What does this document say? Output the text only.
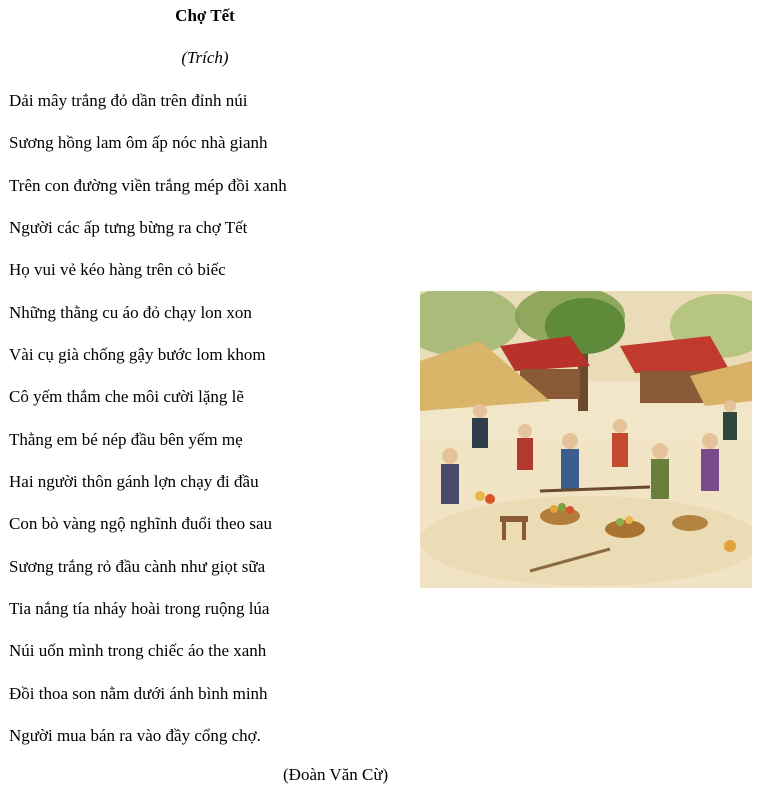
Chợ Tết
(Trích)
Dải mây trắng đỏ dần trên đỉnh núi
Sương hồng lam ôm ấp nóc nhà gianh
Trên con đường viền trắng mép đồi xanh
Người các ấp tưng bừng ra chợ Tết
Họ vui vẻ kéo hàng trên cỏ biếc
Những thằng cu áo đỏ chạy lon xon
Vài cụ già chống gậy bước lom khom
Cô yếm thắm che môi cười lặng lẽ
Thằng em bé nép đầu bên yếm mẹ
Hai người thôn gánh lợn chạy đi đầu
Con bò vàng ngộ nghĩnh đuổi theo sau
Sương trắng rỏ đầu cành như giọt sữa
Tia nắng tía nháy hoài trong ruộng lúa
Núi uốn mình trong chiếc áo the xanh
Đồi thoa son nằm dưới ánh bình minh
Người mua bán ra vào đầy cổng chợ.
(Đoàn Văn Cừ)
